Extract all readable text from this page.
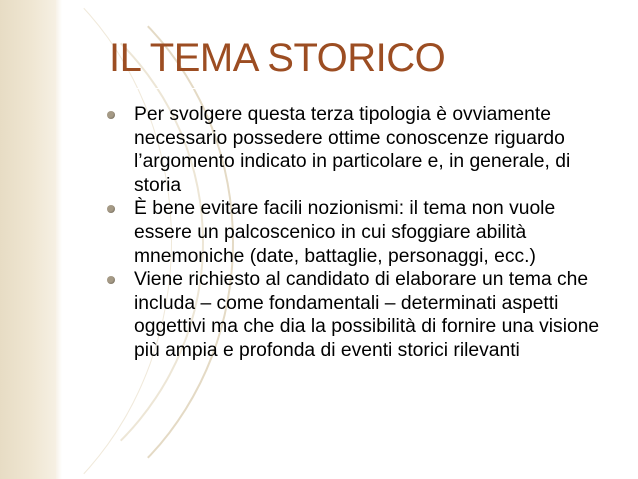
IL TEMA STORICO
Per svolgere questa terza tipologia è ovviamente necessario possedere ottime conoscenze riguardo l’argomento indicato in particolare e, in generale, di storia
È bene evitare facili nozionismi: il tema non vuole essere un palcoscenico in cui sfoggiare abilità mnemoniche (date, battaglie, personaggi, ecc.)
Viene richiesto al candidato di elaborare un tema che includa – come fondamentali – determinati aspetti oggettivi ma che dia la possibilità di fornire una visione più ampia e profonda di eventi storici rilevanti
